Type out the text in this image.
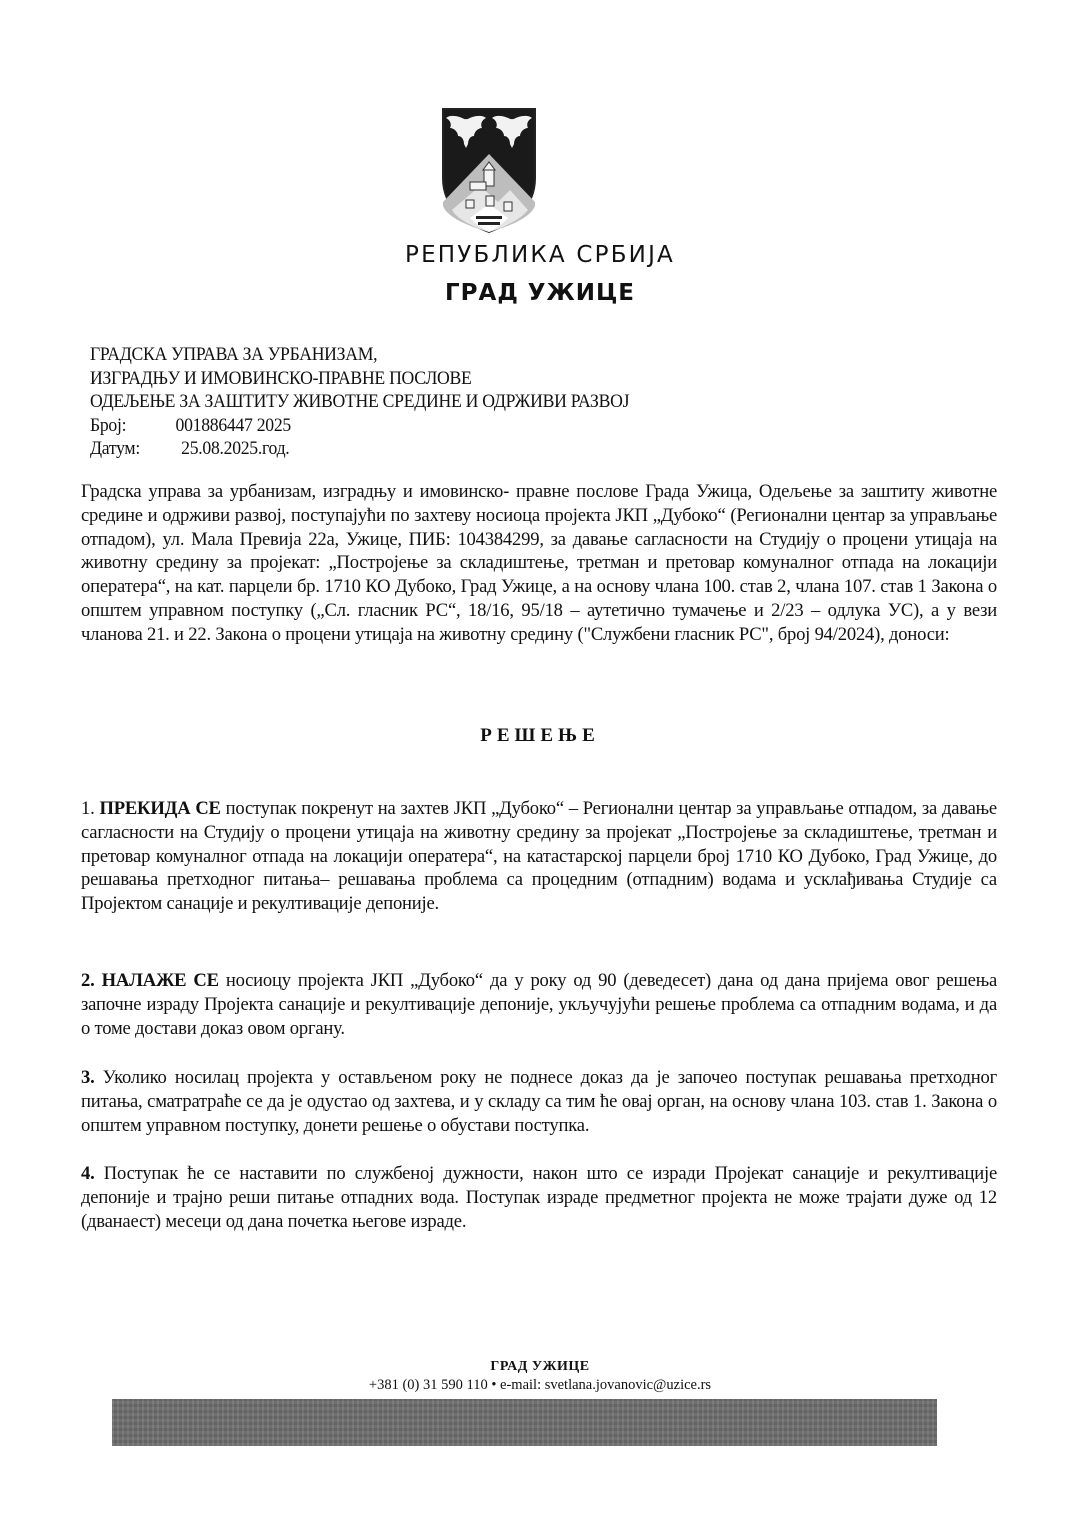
РЕПУБЛИКА СРБИЈА
ГРАД УЖИЦЕ
ГРАДСКА УПРАВА ЗА УРБАНИЗАМ,
ИЗГРАДЊУ И ИМОВИНСКО-ПРАВНЕ ПОСЛОВЕ
ОДЕЉЕЊЕ ЗА ЗАШТИТУ ЖИВОТНЕ СРЕДИНЕ И ОДРЖИВИ РАЗВОЈ
Број:	001886447 2025
Датум:	25.08.2025.год.
Градска управа за урбанизам, изградњу и имовинско- правне послове Града Ужица, Одељење за заштиту животне средине и одрживи развој, поступајући по захтеву носиоца пројекта ЈКП „Дубоко“ (Регионални центар за управљање отпадом), ул. Мала Превија 22а, Ужице, ПИБ: 104384299, за давање сагласности на Студију о процени утицаја на животну средину за пројекат: „Постројење за складиштење, третман и претовар комуналног отпада на локацији оператера“, на кат. парцели бр. 1710 КО Дубоко, Град Ужице, а на основу члана 100. став 2, члана 107. став 1 Закона о општем управном поступку („Сл. гласник РС“, 18/16, 95/18 – аутетично тумачење и 2/23 – одлука УС), а у вези чланова 21. и 22. Закона о процени утицаја на животну средину ("Службени гласник РС", број 94/2024), доноси:
РЕШЕЊЕ
1. ПРЕКИДА СЕ поступак покренут на захтев ЈКП „Дубоко“ – Регионални центар за управљање отпадом, за давање сагласности на Студију о процени утицаја на животну средину за пројекат „Постројење за складиштење, третман и претовар комуналног отпада на локацији оператера“, на катастарској парцели број 1710 КО Дубоко, Град Ужице, до решавања претходног питања– решавања проблема са процедним (отпадним) водама и усклађивања Студије са Пројектом санације и рекултивације депоније.
2. НАЛАЖЕ СЕ носиоцу пројекта ЈКП „Дубоко“ да у року од 90 (деведесет) дана од дана пријема овог решења започне израду Пројекта санације и рекултивације депоније, укључујући решење проблема са отпадним водама, и да о томе достави доказ овом органу.
3. Уколико носилац пројекта у остављеном року не поднесе доказ да је започео поступак решавања претходног питања, сматратраће се да је одустао од захтева, и у складу са тим ће овај орган, на основу члана 103. став 1. Закона о општем управном поступку, донети решење о обустави поступка.
4. Поступак ће се наставити по службеној дужности, након што се изради Пројекат санације и рекултивације депоније и трајно реши питање отпадних вода. Поступак израде предметног пројекта не може трајати дуже од 12 (дванаест) месеци од дана почетка његове израде.
ГРАД УЖИЦЕ
+381 (0) 31 590 110 • e-mail: svetlana.jovanovic@uzice.rs
